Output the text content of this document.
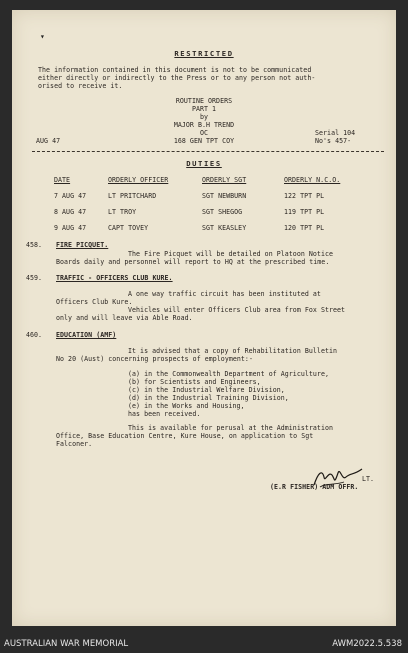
▾
RESTRICTED
The information contained in this document is not to be communicated
either directly or indirectly to the Press or to any person not auth-
orised to receive it.
ROUTINE ORDERS
PART 1
by
MAJOR B.H TREND
OC
168 GEN TPT COY
AUG 47
Serial 104
No's 457-
DUTIES
DATE	ORDERLY OFFICER	ORDERLY SGT	ORDERLY N.C.O.
7 AUG 47	LT PRITCHARD	SGT NEWBURN	122 TPT PL
8 AUG 47	LT TROY	SGT SHEGOG	119 TPT PL
9 AUG 47	CAPT TOVEY	SGT KEASLEY	120 TPT PL
458. FIRE PICQUET.
The Fire Picquet will be detailed on Platoon Notice
Boards daily and personnel will report to HQ at the prescribed time.
459. TRAFFIC - OFFICERS CLUB KURE.
A one way traffic circuit has been instituted at
Officers Club Kure.
Vehicles will enter Officers Club area from Fox Street
only and will leave via Able Road.
460. EDUCATION (AMF)
It is advised that a copy of Rehabilitation Bulletin
No 20 (Aust) concerning prospects of employment:-
(a) in the Commonwealth Department of Agriculture,
(b) for Scientists and Engineers,
(c) in the Industrial Welfare Division,
(d) in the Industrial Training Division,
(e) in the Works and Housing,
has been received.
This is available for perusal at the Administration
Office, Base Education Centre, Kure House, on application to Sgt
Falconer.
LT.
(E.R FISHER) ADM OFFR.
AUSTRALIAN WAR MEMORIAL	AWM2022.5.538
